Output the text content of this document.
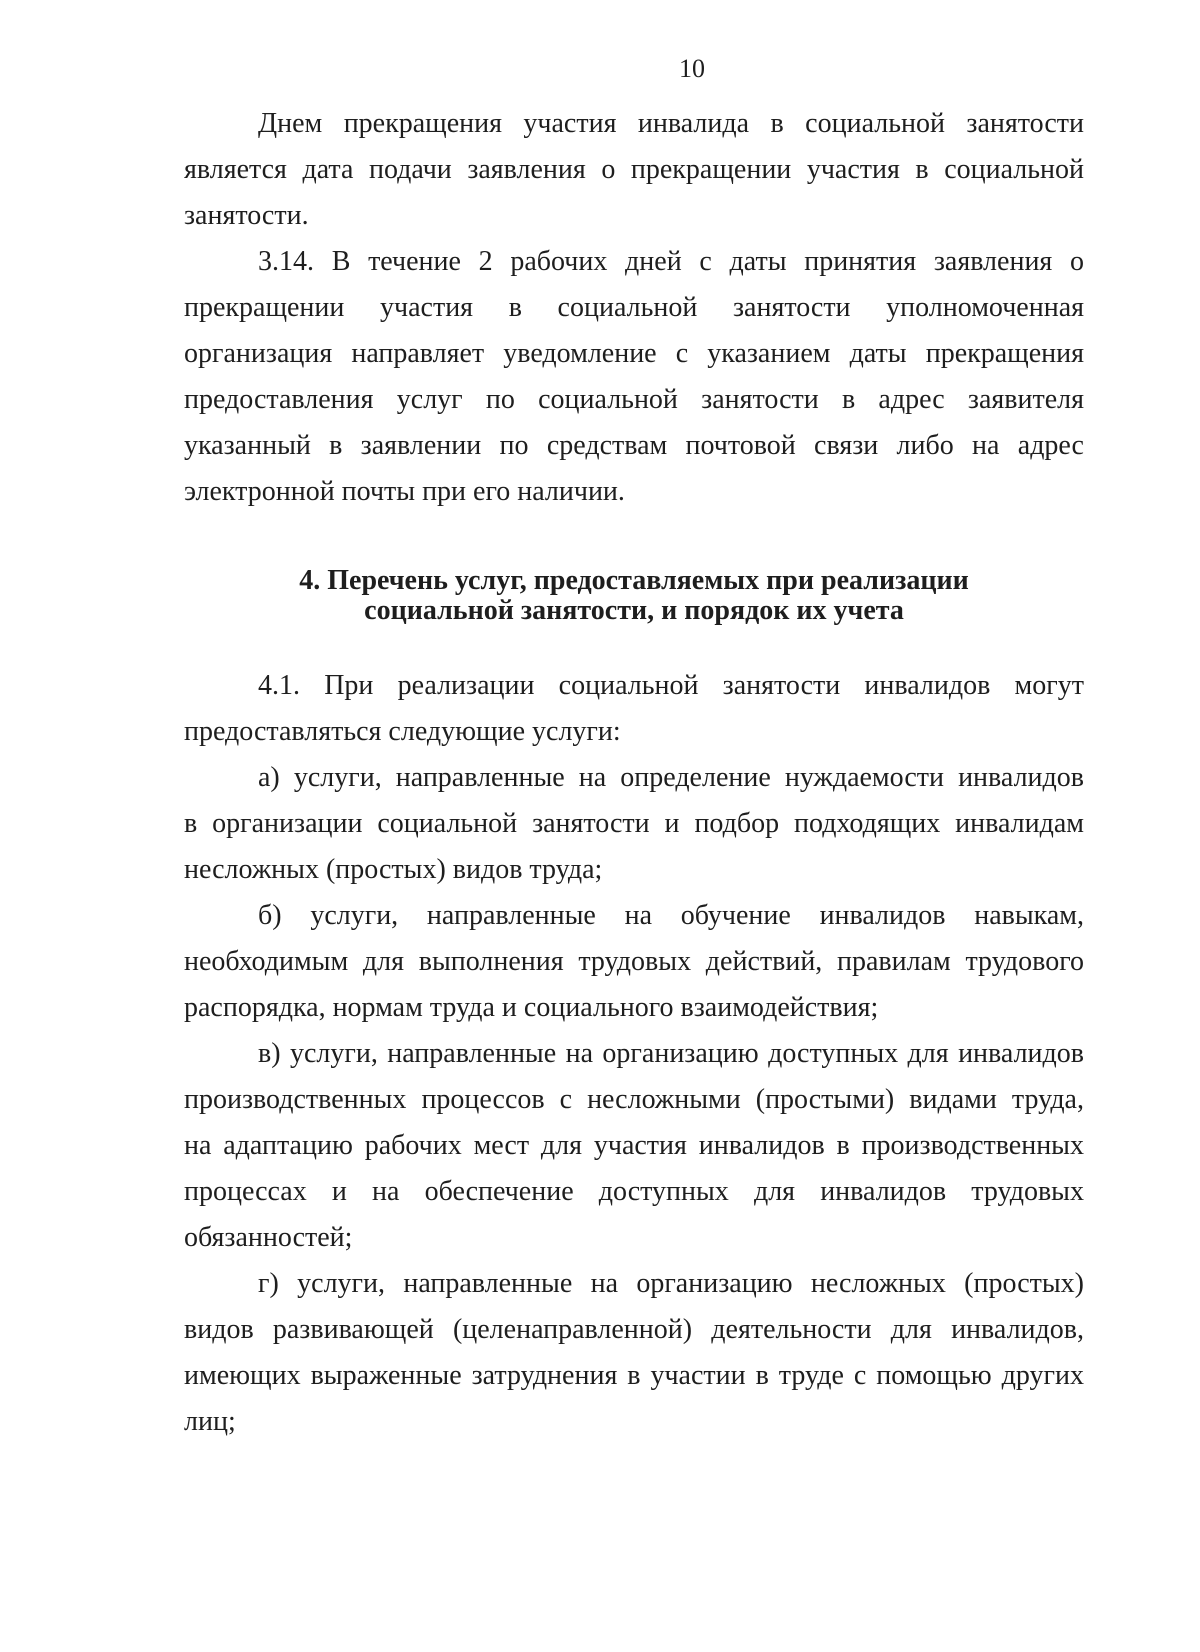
10
Днем прекращения участия инвалида в социальной занятости
является дата подачи заявления о прекращении участия в социальной
занятости.
3.14. В течение 2 рабочих дней с даты принятия заявления о
прекращении участия в социальной занятости уполномоченная
организация направляет уведомление с указанием даты прекращения
предоставления услуг по социальной занятости в адрес заявителя
указанный в заявлении по средствам почтовой связи либо на адрес
электронной почты при его наличии.
4. Перечень услуг, предоставляемых при реализации
социальной занятости, и порядок их учета
4.1. При реализации социальной занятости инвалидов могут
предоставляться следующие услуги:
а) услуги, направленные на определение нуждаемости инвалидов
в организации социальной занятости и подбор подходящих инвалидам
несложных (простых) видов труда;
б) услуги, направленные на обучение инвалидов навыкам,
необходимым для выполнения трудовых действий, правилам трудового
распорядка, нормам труда и социального взаимодействия;
в) услуги, направленные на организацию доступных для инвалидов
производственных процессов с несложными (простыми) видами труда,
на адаптацию рабочих мест для участия инвалидов в производственных
процессах и на обеспечение доступных для инвалидов трудовых
обязанностей;
г) услуги, направленные на организацию несложных (простых)
видов развивающей (целенаправленной) деятельности для инвалидов,
имеющих выраженные затруднения в участии в труде с помощью других
лиц;
